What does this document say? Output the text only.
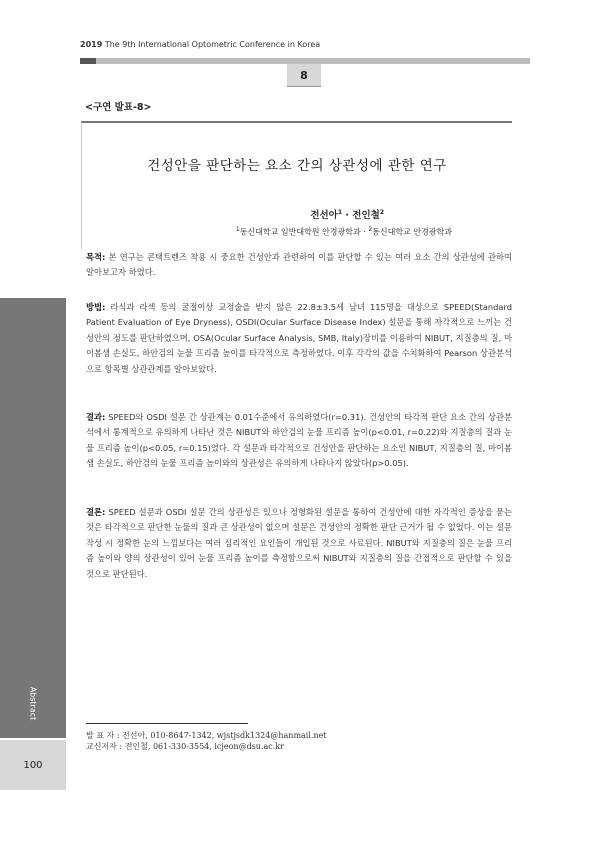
2019 The 9th International Optometric Conference in Korea
8
<구연 발표-8>
건성안을 판단하는 요소 간의 상관성에 관한 연구
전선아$^1$ · 전인철$^2$
$^1$동신대학교 일반대학원 안경광학과 · $^2$동신대학교 안경광학과
목적: 본 연구는 콘택트렌즈 착용 시 중요한 건성안과 관련하여 이를 판단할 수 있는 여러 요소 간의 상관성에 관하여 알아보고자 하였다.
방법: 라식과 라섹 등의 굴절이상 교정술을 받지 않은 22.8±3.5세 남녀 115명을 대상으로 SPEED(Standard Patient Evaluation of Eye Dryness), OSDI(Ocular Surface Disease Index) 설문을 통해 자각적으로 느끼는 건성안의 정도를 판단하였으며, OSA(Ocular Surface Analysis, SMB, Italy)장비를 이용하여 NIBUT, 지질층의 질, 마이봄샘 손실도, 하안검의 눈물 프리즘 높이를 타각적으로 측정하였다. 이후 각각의 값을 수치화하여 Pearson 상관분석으로 항목별 상관관계를 알아보았다.
결과: SPEED와 OSDI 설문 간 상관계는 0.01수준에서 유의하였다(r=0.31). 건성안의 타각적 판단 요소 간의 상관분석에서 통계적으로 유의하게 나타난 것은 NIBUT와 하안검의 눈물 프리즘 높이(p<0.01, r=0.22)와 지질층의 질과 눈물 프리즘 높이(p<0.05, r=0.15)였다. 각 설문과 타각적으로 건성안을 판단하는 요소인 NIBUT, 지질층의 질, 마이봄샘 손실도, 하안검의 눈물 프리즘 높이와의 상관성은 유의하게 나타나지 않았다(p>0.05).
결론: SPEED 설문과 OSDI 설문 간의 상관성은 있으나 정형화된 설문을 통하여 건성안에 대한 자각적인 증상을 묻는 것은 타각적으로 판단한 눈물의 질과 큰 상관성이 없으며 설문은 건성안의 정확한 판단 근거가 될 수 없었다. 이는 설문 작성 시 정확한 눈의 느낌보다는 여러 심리적인 요인들이 개입된 것으로 사료된다. NIBUT와 지질층의 질은 눈물 프리즘 높이와 양의 상관성이 있어 눈물 프리즘 높이를 측정함으로써 NIBUT와 지질층의 질을 간접적으로 판단할 수 있을 것으로 판단된다.
Abstract
100
발 표 자 : 전선아, 010-8647-1342, wjstjsdk1324@hanmail.net
교신저자 : 전인철, 061-330-3554, icjeon@dsu.ac.kr
